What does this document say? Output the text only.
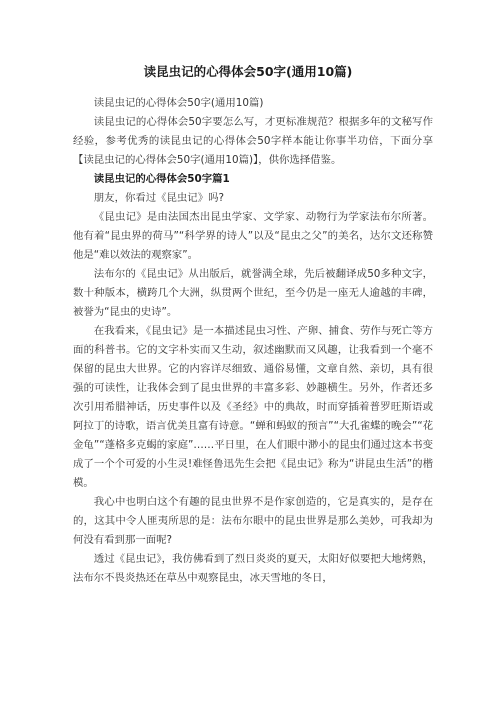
读昆虫记的心得体会50字(通用10篇)

读昆虫记的心得体会50字(通用10篇)

读昆虫记的心得体会50字要怎么写，才更标准规范？根据多年的文秘写作经验，参考优秀的读昆虫记的心得体会50字样本能让你事半功倍，下面分享【读昆虫记的心得体会50字(通用10篇)】，供你选择借鉴。

读昆虫记的心得体会50字篇1

朋友，你看过《昆虫记》吗?

《昆虫记》是由法国杰出昆虫学家、文学家、动物行为学家法布尔所著。他有着“昆虫界的荷马”“科学界的诗人”以及“昆虫之父”的美名，达尔文还称赞他是“难以效法的观察家”。

法布尔的《昆虫记》从出版后，就誉满全球，先后被翻译成50多种文字，数十种版本，横跨几个大洲，纵贯两个世纪，至今仍是一座无人逾越的丰碑，被誉为“昆虫的史诗”。

在我看来，《昆虫记》是一本描述昆虫习性、产卵、捕食、劳作与死亡等方面的科普书。它的文字朴实而又生动，叙述幽默而又风趣，让我看到一个毫不保留的昆虫大世界。它的内容详尽细致、通俗易懂，文章自然、亲切，具有很强的可读性，让我体会到了昆虫世界的丰富多彩、妙趣横生。另外，作者还多次引用希腊神话，历史事件以及《圣经》中的典故，时而穿插着普罗旺斯语或阿拉丁的诗歌，语言优美且富有诗意。“蝉和蚂蚁的预言”“大孔雀蝶的晚会”“花金龟”“蓬格多克蝎的家庭”……平日里，在人们眼中渺小的昆虫们通过这本书变成了一个个可爱的小生灵!难怪鲁迅先生会把《昆虫记》称为“讲昆虫生活”的楷模。

我心中也明白这个有趣的昆虫世界不是作家创造的，它是真实的，是存在的，这其中令人匪夷所思的是：法布尔眼中的昆虫世界是那么美妙，可我却为何没有看到那一面呢?

透过《昆虫记》，我仿佛看到了烈日炎炎的夏天，太阳好似要把大地烤熟，法布尔不畏炎热还在草丛中观察昆虫，冰天雪地的冬日，
